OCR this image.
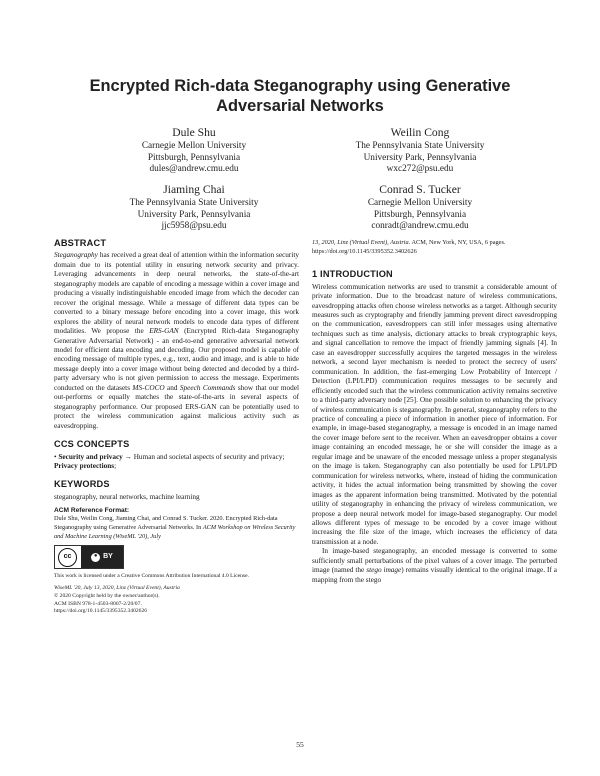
Encrypted Rich-data Steganography using Generative
Adversarial Networks
Dule Shu
Carnegie Mellon University
Pittsburgh, Pennsylvania
dules@andrew.cmu.edu
Weilin Cong
The Pennsylvania State University
University Park, Pennsylvania
wxc272@psu.edu
Jiaming Chai
The Pennsylvania State University
University Park, Pennsylvania
jjc5958@psu.edu
Conrad S. Tucker
Carnegie Mellon University
Pittsburgh, Pennsylvania
conradt@andrew.cmu.edu
ABSTRACT

Steganography has received a great deal of attention within the information security domain due to its potential utility in ensuring network security and privacy. Leveraging advancements in deep neural networks, the state-of-the-art steganography models are capable of encoding a message within a cover image and producing a visually indistinguishable encoded image from which the decoder can recover the original message. While a message of different data types can be converted to a binary message before encoding into a cover image, this work explores the ability of neural network models to encode data types of different modalities. We propose the ERS-GAN (Encrypted Rich-data Steganography Generative Adversarial Network) - an end-to-end generative adversarial network model for efficient data encoding and decoding. Our proposed model is capable of encoding message of multiple types, e.g., text, audio and image, and is able to hide message deeply into a cover image without being detected and decoded by a third-party adversary who is not given permission to access the message. Experiments conducted on the datasets MS-COCO and Speech Commands show that our model out-performs or equally matches the state-of-the-arts in several aspects of steganography performance. Our proposed ERS-GAN can be potentially used to protect the wireless communication against malicious activity such as eavesdropping.

CCS CONCEPTS

• Security and privacy → Human and societal aspects of security and privacy; Privacy protections;

KEYWORDS

steganography, neural networks, machine learning

ACM Reference Format:

Dule Shu, Weilin Cong, Jiaming Chai, and Conrad S. Tucker. 2020. Encrypted Rich-data Steganography using Generative Adversarial Networks. In ACM Workshop on Wireless Security and Machine Learning (WiseML '20), July

cc	● BY

This work is licensed under a Creative Commons Attribution International 4.0 License.

WiseML '20, July 13, 2020, Linz (Virtual Event), Austria
© 2020 Copyright held by the owner/author(s).
ACM ISBN 978-1-4503-8007-2/20/07.
https://doi.org/10.1145/3395352.3402626

13, 2020, Linz (Virtual Event), Austria. ACM, New York, NY, USA, 6 pages. https://doi.org/10.1145/3395352.3402626

1 INTRODUCTION

Wireless communication networks are used to transmit a considerable amount of private information. Due to the broadcast nature of wireless communications, eavesdropping attacks often choose wireless networks as a target. Although security measures such as cryptography and friendly jamming prevent direct eavesdropping on the communication, eavesdroppers can still infer messages using alternative techniques such as time analysis, dictionary attacks to break cryptographic keys, and signal cancellation to remove the impact of friendly jamming signals [4]. In case an eavesdropper successfully acquires the targeted messages in the wireless network, a second layer mechanism is needed to protect the secrecy of users' communication. In addition, the fast-emerging Low Probability of Intercept / Detection (LPI/LPD) communication requires messages to be securely and efficiently encoded such that the wireless communication activity remains secretive to a third-party adversary node [25]. One possible solution to enhancing the privacy of wireless communication is steganography. In general, steganography refers to the practice of concealing a piece of information in another piece of information. For example, in image-based steganography, a message is encoded in an image named the cover image before sent to the receiver. When an eavesdropper obtains a cover image containing an encoded message, he or she will consider the image as a regular image and be unaware of the encoded message unless a proper steganalysis on the image is taken. Steganography can also potentially be used for LPI/LPD communication for wireless networks, where, instead of hiding the communication activity, it hides the actual information being transmitted by showing the cover images as the apparent information being transmitted. Motivated by the potential utility of steganography in enhancing the privacy of wireless communication, we propose a deep neural network model for image-based steganography. Our model allows different types of message to be encoded by a cover image without increasing the file size of the image, which increases the efficiency of data transmission at a node.

In image-based steganography, an encoded message is converted to some sufficiently small perturbations of the pixel values of a cover image. The perturbed image (named the stego image) remains visually identical to the original image. If a mapping from the stego

55
